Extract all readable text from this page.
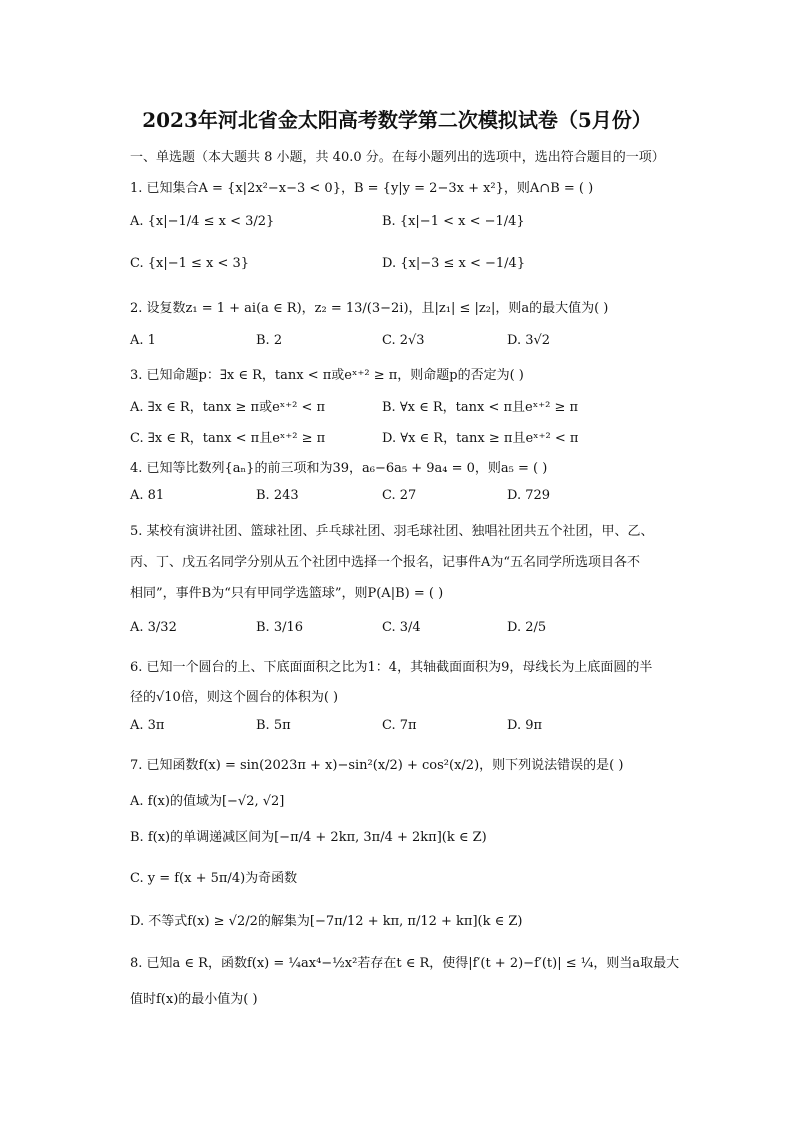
2023年河北省金太阳高考数学第二次模拟试卷（5月份）
一、单选题（本大题共 8 小题，共 40.0 分。在每小题列出的选项中，选出符合题目的一项）
1. 已知集合A = {x|2x²−x−3 < 0}，B = {y|y = 2−3x + x²}，则A∩B = ( )
A. {x|−1/4 ≤ x < 3/2}	B. {x|−1 < x < −1/4}
C. {x|−1 ≤ x < 3}	D. {x|−3 ≤ x < −1/4}
2. 设复数z₁ = 1 + ai(a ∈ R)，z₂ = 13/(3−2i)，且|z₁| ≤ |z₂|，则a的最大值为( )
A. 1	B. 2	C. 2√3	D. 3√2
3. 已知命题p：∃x ∈ R，tanx < π或eˣ⁺² ≥ π，则命题p的否定为( )
A. ∃x ∈ R，tanx ≥ π或eˣ⁺² < π	B. ∀x ∈ R，tanx < π且eˣ⁺² ≥ π
C. ∃x ∈ R，tanx < π且eˣ⁺² ≥ π	D. ∀x ∈ R，tanx ≥ π且eˣ⁺² < π
4. 已知等比数列{aₙ}的前三项和为39，a₆−6a₅ + 9a₄ = 0，则a₅ = ( )
A. 81	B. 243	C. 27	D. 729
5. 某校有演讲社团、篮球社团、乒乓球社团、羽毛球社团、独唱社团共五个社团，甲、乙、
丙、丁、戊五名同学分别从五个社团中选择一个报名，记事件A为“五名同学所选项目各不
相同”，事件B为“只有甲同学选篮球”，则P(A|B) = ( )
A. 3/32	B. 3/16	C. 3/4	D. 2/5
6. 已知一个圆台的上、下底面面积之比为1：4，其轴截面面积为9，母线长为上底面圆的半
径的√10倍，则这个圆台的体积为( )
A. 3π	B. 5π	C. 7π	D. 9π
7. 已知函数f(x) = sin(2023π + x)−sin²(x/2) + cos²(x/2)，则下列说法错误的是( )
A. f(x)的值域为[−√2, √2]
B. f(x)的单调递减区间为[−π/4 + 2kπ, 3π/4 + 2kπ](k ∈ Z)
C. y = f(x + 5π/4)为奇函数
D. 不等式f(x) ≥ √2/2的解集为[−7π/12 + kπ, π/12 + kπ](k ∈ Z)
8. 已知a ∈ R，函数f(x) = ¼ax⁴−½x²若存在t ∈ R，使得|f′(t + 2)−f′(t)| ≤ ¼，则当a取最大
值时f(x)的最小值为( )
